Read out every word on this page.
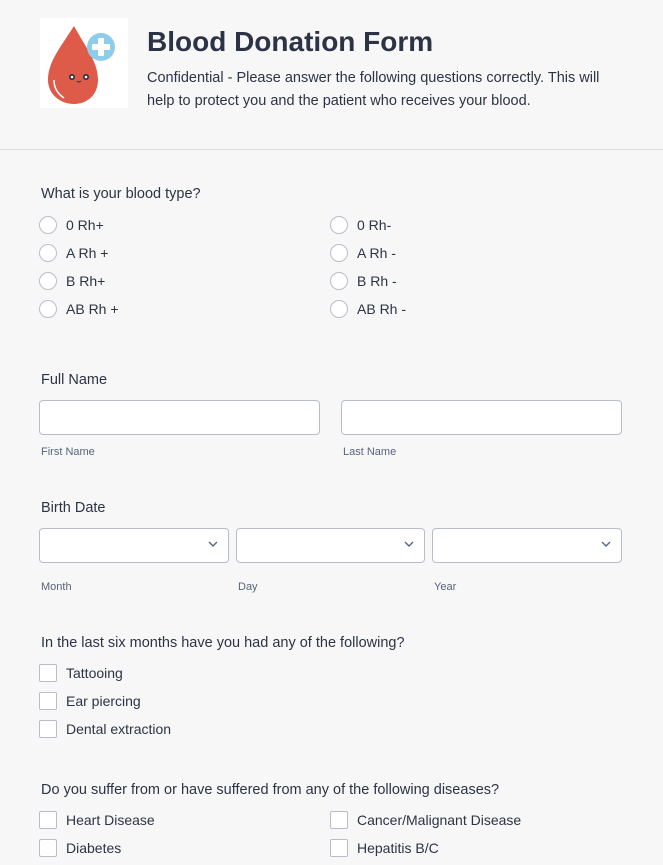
Blood Donation Form
Confidential - Please answer the following questions correctly. This will help to protect you and the patient who receives your blood.
What is your blood type?
0 Rh+	0 Rh-
A Rh +	A Rh -
B Rh+	B Rh -
AB Rh +	AB Rh -
Full Name
First Name	Last Name
Birth Date
Month	Day	Year
In the last six months have you had any of the following?
Tattooing
Ear piercing
Dental extraction
Do you suffer from or have suffered from any of the following diseases?
Heart Disease	Cancer/Malignant Disease
Diabetes	Hepatitis B/C
